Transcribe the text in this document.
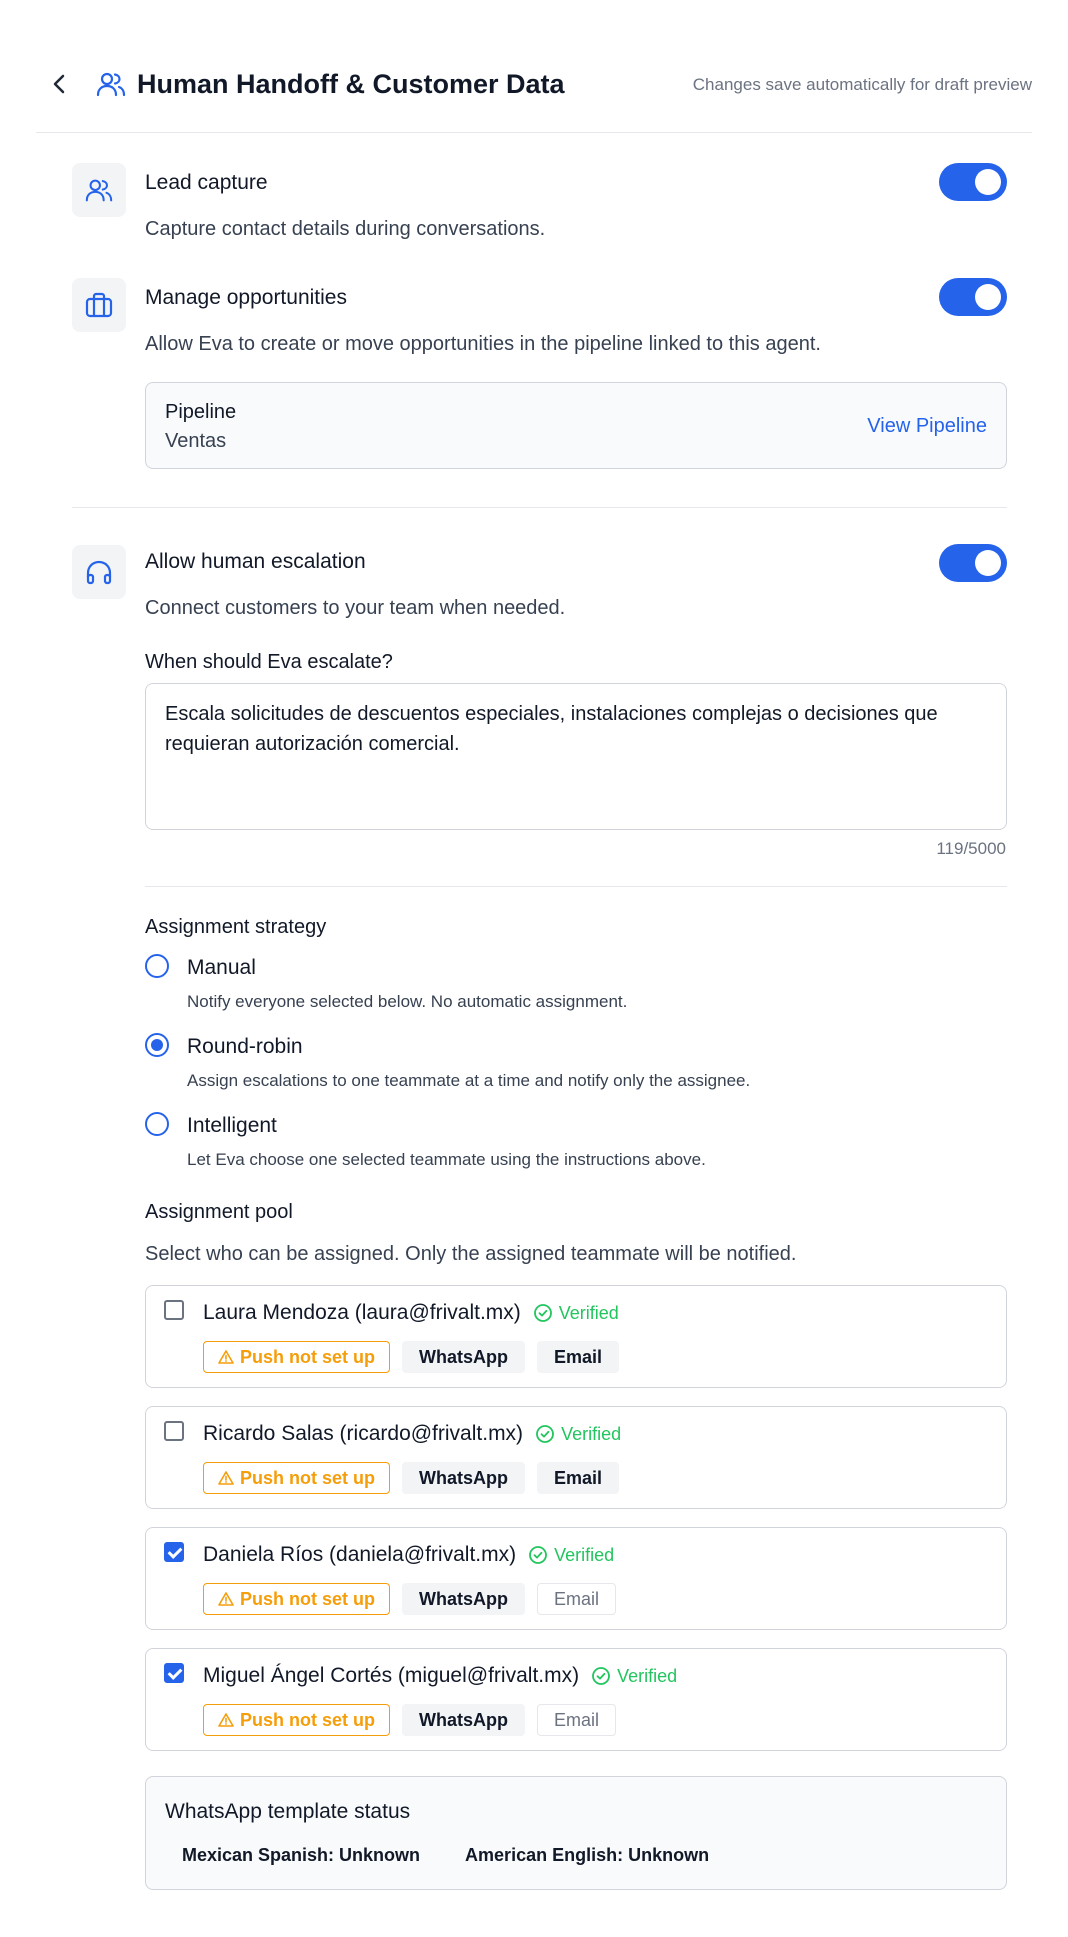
Human Handoff & Customer Data	Changes save automatically for draft preview
Lead capture
Capture contact details during conversations.
Manage opportunities
Allow Eva to create or move opportunities in the pipeline linked to this agent.
Pipeline
Ventas
View Pipeline
Allow human escalation
Connect customers to your team when needed.
When should Eva escalate?
Escala solicitudes de descuentos especiales, instalaciones complejas o decisiones que requieran autorización comercial.
119/5000
Assignment strategy
Manual
Notify everyone selected below. No automatic assignment.
Round-robin
Assign escalations to one teammate at a time and notify only the assignee.
Intelligent
Let Eva choose one selected teammate using the instructions above.
Assignment pool
Select who can be assigned. Only the assigned teammate will be notified.
Laura Mendoza (laura@frivalt.mx) Verified
Push not set up	WhatsApp	Email
Ricardo Salas (ricardo@frivalt.mx) Verified
Push not set up	WhatsApp	Email
Daniela Ríos (daniela@frivalt.mx) Verified
Push not set up	WhatsApp	Email
Miguel Ángel Cortés (miguel@frivalt.mx) Verified
Push not set up	WhatsApp	Email
WhatsApp template status
Mexican Spanish: Unknown	American English: Unknown
